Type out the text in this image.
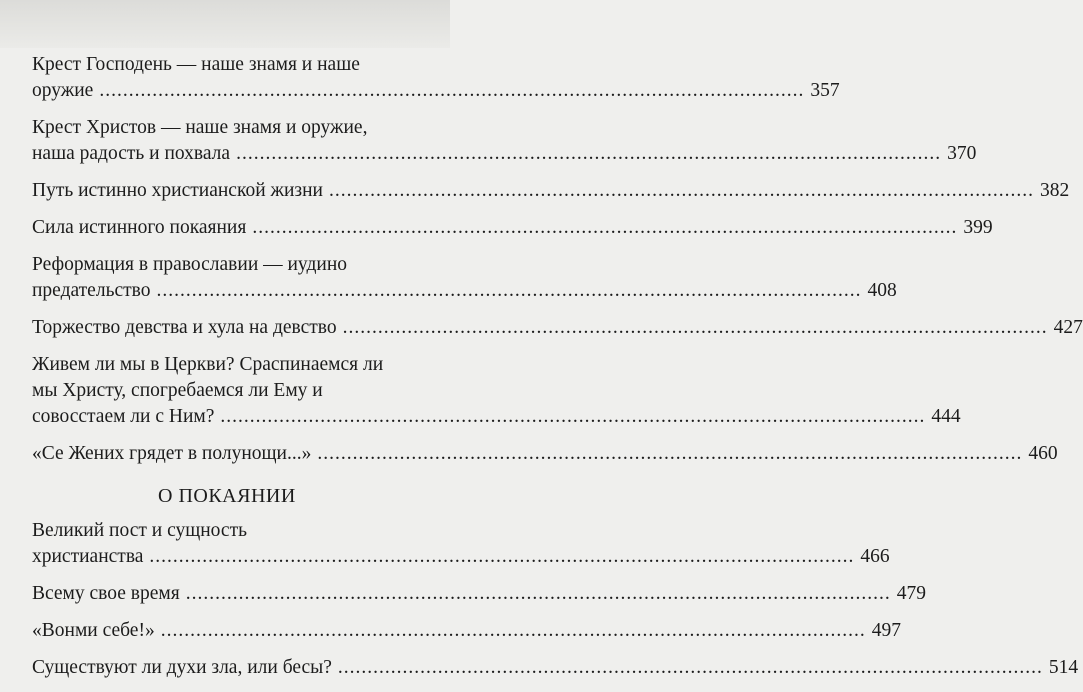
Крест Господень — наше знамя и наше
оружие ........................................................................................................................ 357
Крест Христов — наше знамя и оружие,
наша радость и похвала ........................................................................................................................ 370
Путь истинно христианской жизни ........................................................................................................................ 382
Сила истинного покаяния ........................................................................................................................ 399
Реформация в православии — иудино
предательство ........................................................................................................................ 408
Торжество девства и хула на девство ........................................................................................................................ 427
Живем ли мы в Церкви? Сраспинаемся ли
мы Христу, спогребаемся ли Ему и
совосстаем ли с Ним? ........................................................................................................................ 444
«Се Жених грядет в полунощи...» ........................................................................................................................ 460
О ПОКАЯНИИ
Великий пост и сущность
христианства ........................................................................................................................ 466
Всему свое время ........................................................................................................................ 479
«Вонми себе!» ........................................................................................................................ 497
Существуют ли духи зла, или бесы? ........................................................................................................................ 514
